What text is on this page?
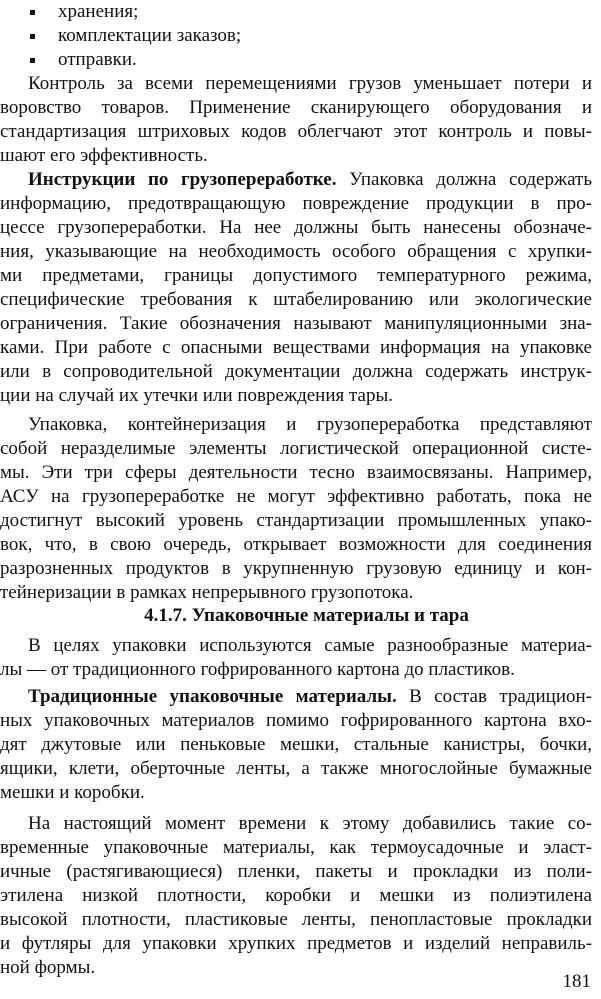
хранения;
комплектации заказов;
отправки.
Контроль за всеми перемещениями грузов уменьшает потери и
воровство товаров. Применение сканирующего оборудования и
стандартизация штриховых кодов облегчают этот контроль и повы-
шают его эффективность.
Инструкции по грузопереработке. Упаковка должна содержать
информацию, предотвращающую повреждение продукции в про-
цессе грузопереработки. На нее должны быть нанесены обозначе-
ния, указывающие на необходимость особого обращения с хрупки-
ми предметами, границы допустимого температурного режима,
специфические требования к штабелированию или экологические
ограничения. Такие обозначения называют манипуляционными зна-
ками. При работе с опасными веществами информация на упаковке
или в сопроводительной документации должна содержать инструк-
ции на случай их утечки или повреждения тары.
Упаковка, контейнеризация и грузопереработка представляют
собой неразделимые элементы логистической операционной систе-
мы. Эти три сферы деятельности тесно взаимосвязаны. Например,
АСУ на грузопереработке не могут эффективно работать, пока не
достигнут высокий уровень стандартизации промышленных упако-
вок, что, в свою очередь, открывает возможности для соединения
разрозненных продуктов в укрупненную грузовую единицу и кон-
тейнеризации в рамках непрерывного грузопотока.
4.1.7. Упаковочные материалы и тара
В целях упаковки используются самые разнообразные материа-
лы — от традиционного гофрированного картона до пластиков.
Традиционные упаковочные материалы. В состав традицион-
ных упаковочных материалов помимо гофрированного картона вхо-
дят джутовые или пеньковые мешки, стальные канистры, бочки,
ящики, клети, оберточные ленты, а также многослойные бумажные
мешки и коробки.
На настоящий момент времени к этому добавились такие со-
временные упаковочные материалы, как термоусадочные и эласт-
ичные (растягивающиеся) пленки, пакеты и прокладки из поли-
этилена низкой плотности, коробки и мешки из полиэтилена
высокой плотности, пластиковые ленты, пенопластовые прокладки
и футляры для упаковки хрупких предметов и изделий неправиль-
ной формы.
181
